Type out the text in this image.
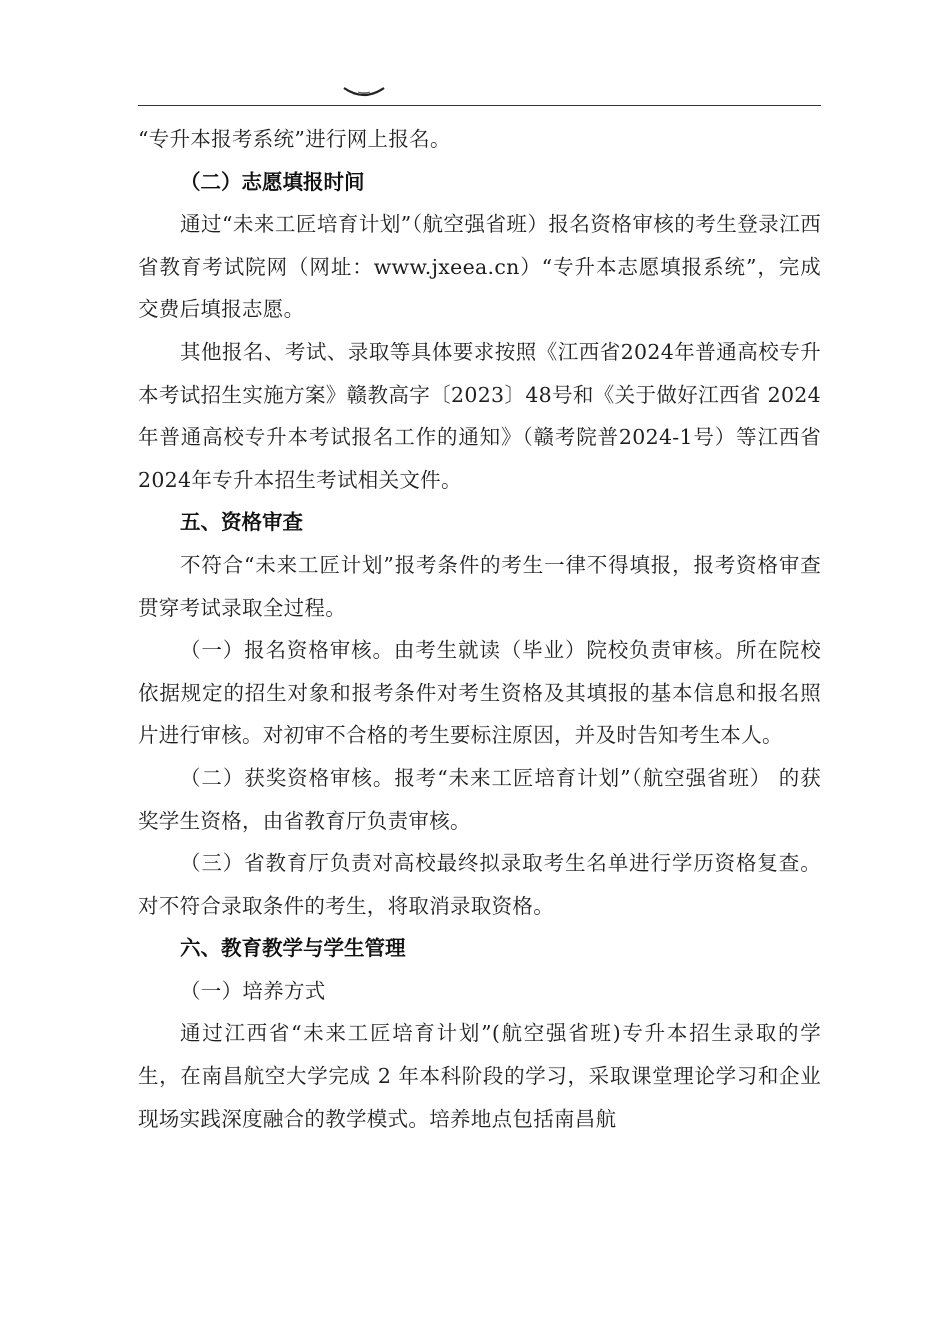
“专升本报考系统”进行网上报名。

（二）志愿填报时间

通过“未来工匠培育计划”（航空强省班）报名资格审核的考生登录江西省教育考试院网（网址：www.jxeea.cn）“专升本志愿填报系统”，完成交费后填报志愿。

其他报名、考试、录取等具体要求按照《江西省2024年普通高校专升本考试招生实施方案》赣教高字〔2023〕48号和《关于做好江西省 2024年普通高校专升本考试报名工作的通知》（赣考院普2024-1号）等江西省2024年专升本招生考试相关文件。

五、资格审查

不符合“未来工匠计划”报考条件的考生一律不得填报，报考资格审查贯穿考试录取全过程。

（一）报名资格审核。由考生就读（毕业）院校负责审核。所在院校依据规定的招生对象和报考条件对考生资格及其填报的基本信息和报名照片进行审核。对初审不合格的考生要标注原因，并及时告知考生本人。

（二）获奖资格审核。报考“未来工匠培育计划”（航空强省班） 的获奖学生资格，由省教育厅负责审核。

（三）省教育厅负责对高校最终拟录取考生名单进行学历资格复查。对不符合录取条件的考生，将取消录取资格。

六、教育教学与学生管理

（一）培养方式

通过江西省“未来工匠培育计划”(航空强省班)专升本招生录取的学生，在南昌航空大学完成 2 年本科阶段的学习，采取课堂理论学习和企业现场实践深度融合的教学模式。培养地点包括南昌航
